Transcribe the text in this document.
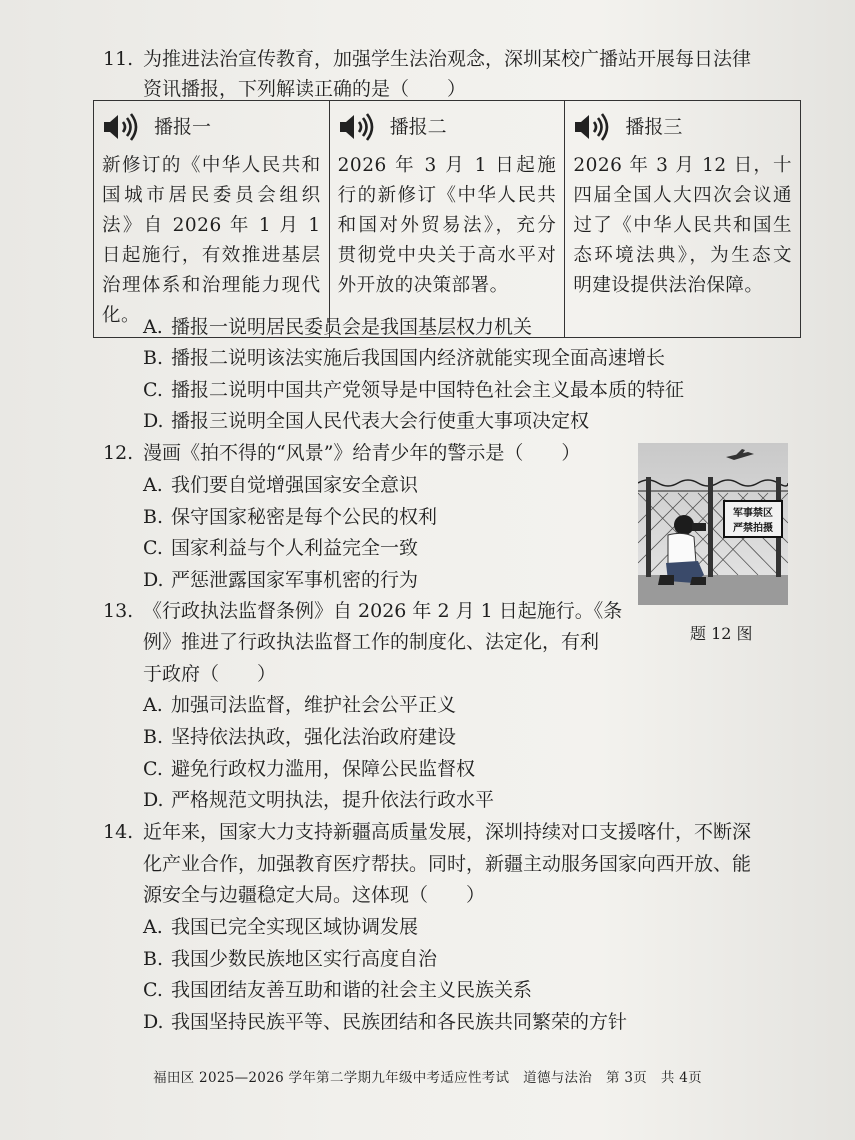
11. 为推进法治宣传教育，加强学生法治观念，深圳某校广播站开展每日法律
资讯播报，下列解读正确的是（　　）
播报一
新修订的《中华人民共和国城市居民委员会组织法》自 2026 年 1 月 1 日起施行，有效推进基层治理体系和治理能力现代化。

播报二
2026 年 3 月 1 日起施行的新修订《中华人民共和国对外贸易法》，充分贯彻党中央关于高水平对外开放的决策部署。

播报三
2026 年 3 月 12 日，十四届全国人大四次会议通过了《中华人民共和国生态环境法典》，为生态文明建设提供法治保障。
A. 播报一说明居民委员会是我国基层权力机关
B. 播报二说明该法实施后我国国内经济就能实现全面高速增长
C. 播报二说明中国共产党领导是中国特色社会主义最本质的特征
D. 播报三说明全国人民代表大会行使重大事项决定权
12. 漫画《拍不得的“风景”》给青少年的警示是（　　）
A. 我们要自觉增强国家安全意识
B. 保守国家秘密是每个公民的权利
C. 国家利益与个人利益完全一致
D. 严惩泄露国家军事机密的行为
军事禁区
严禁拍摄
题 12 图
13. 《行政执法监督条例》自 2026 年 2 月 1 日起施行。《条
例》推进了行政执法监督工作的制度化、法定化，有利
于政府（　　）
A. 加强司法监督，维护社会公平正义
B. 坚持依法执政，强化法治政府建设
C. 避免行政权力滥用，保障公民监督权
D. 严格规范文明执法，提升依法行政水平
14. 近年来，国家大力支持新疆高质量发展，深圳持续对口支援喀什，不断深
化产业合作，加强教育医疗帮扶。同时，新疆主动服务国家向西开放、能
源安全与边疆稳定大局。这体现（　　）
A. 我国已完全实现区域协调发展
B. 我国少数民族地区实行高度自治
C. 我国团结友善互助和谐的社会主义民族关系
D. 我国坚持民族平等、民族团结和各民族共同繁荣的方针
福田区 2025—2026 学年第二学期九年级中考适应性考试　道德与法治　第 3页　共 4页
